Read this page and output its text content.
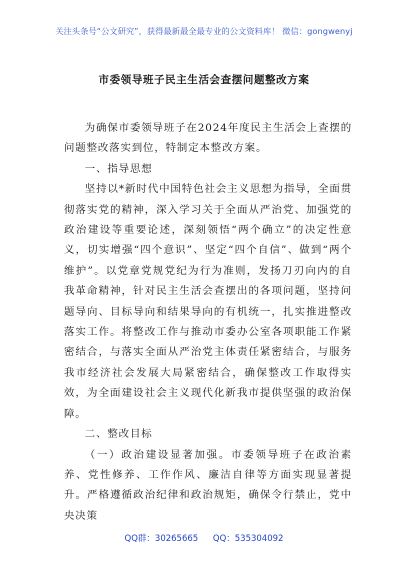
关注头条号“公文研究”，获得最新最全最专业的公文资料库！ 微信：gongwenyj
市委领导班子民主生活会查摆问题整改方案

为确保市委领导班子在2024年度民主生活会上查摆的问题整改落实到位，特制定本整改方案。

一、指导思想

坚持以*新时代中国特色社会主义思想为指导，全面贯彻落实党的精神，深入学习关于全面从严治党、加强党的政治建设等重要论述，深刻领悟“两个确立”的决定性意义，切实增强“四个意识”、坚定“四个自信”、做到“两个维护”。以党章党规党纪为行为准则，发扬刀刃向内的自我革命精神，针对民主生活会查摆出的各项问题，坚持问题导向、目标导向和结果导向的有机统一，扎实推进整改落实工作。将整改工作与推动市委办公室各项职能工作紧密结合，与落实全面从严治党主体责任紧密结合，与服务我市经济社会发展大局紧密结合，确保整改工作取得实效，为全面建设社会主义现代化新我市提供坚强的政治保障。

二、整改目标

（一）政治建设显著加强。市委领导班子在政治素养、党性修养、工作作风、廉洁自律等方面实现显著提升。严格遵循政治纪律和政治规矩，确保令行禁止，党中央决策

QQ群：30265665 QQ：535304092
